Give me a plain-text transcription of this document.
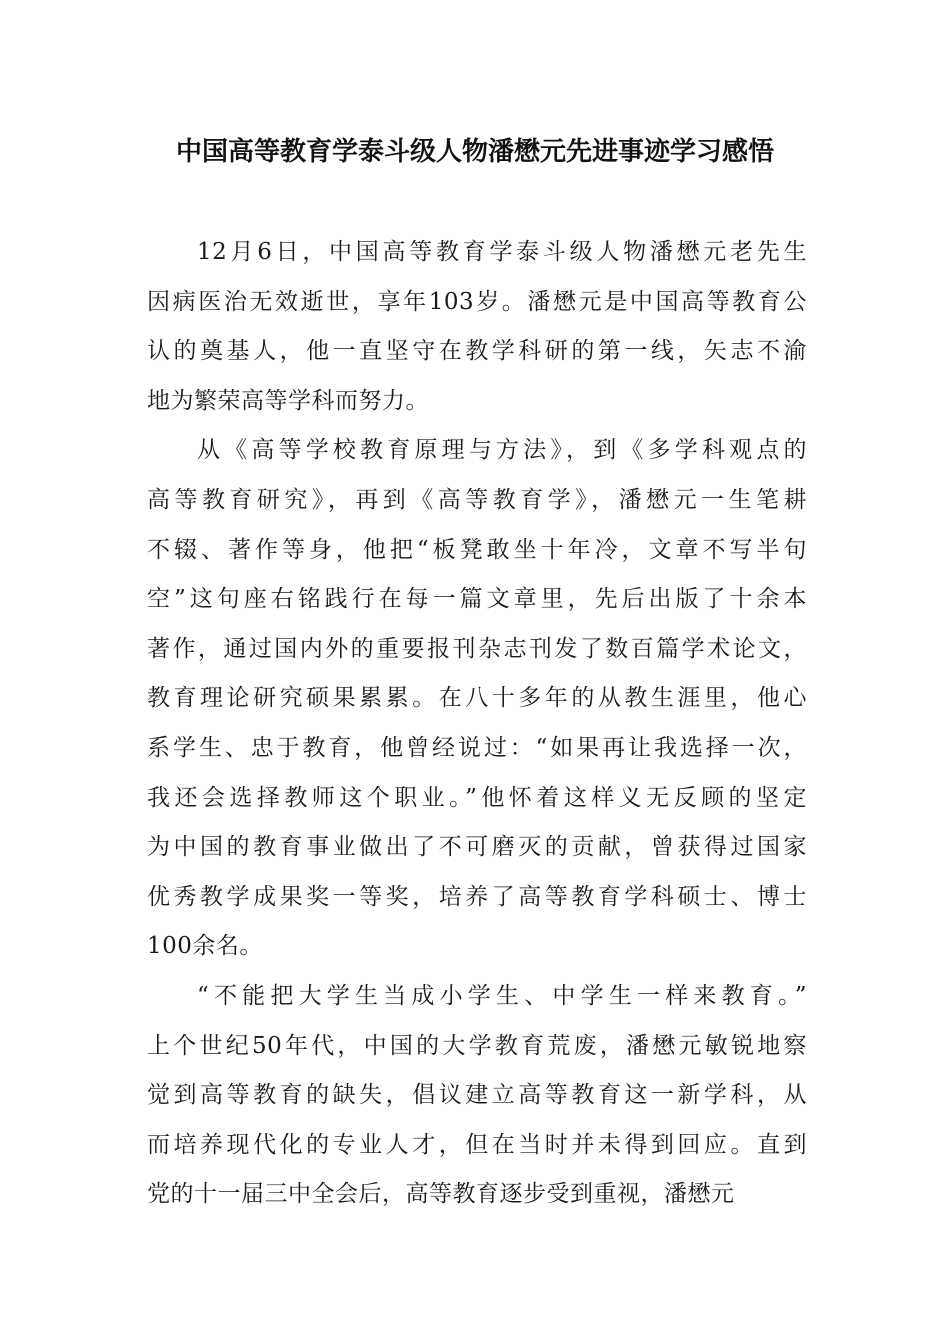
中国高等教育学泰斗级人物潘懋元先进事迹学习感悟
12月6日，中国高等教育学泰斗级人物潘懋元老先生
因病医治无效逝世，享年103岁。潘懋元是中国高等教育公
认的奠基人，他一直坚守在教学科研的第一线，矢志不渝
地为繁荣高等学科而努力。
从《高等学校教育原理与方法》，到《多学科观点的
高等教育研究》，再到《高等教育学》，潘懋元一生笔耕
不辍、著作等身，他把“板凳敢坐十年冷，文章不写半句
空”这句座右铭践行在每一篇文章里，先后出版了十余本
著作，通过国内外的重要报刊杂志刊发了数百篇学术论文，
教育理论研究硕果累累。在八十多年的从教生涯里，他心
系学生、忠于教育，他曾经说过：“如果再让我选择一次，
我还会选择教师这个职业。”他怀着这样义无反顾的坚定
为中国的教育事业做出了不可磨灭的贡献，曾获得过国家
优秀教学成果奖一等奖，培养了高等教育学科硕士、博士
100余名。
“不能把大学生当成小学生、中学生一样来教育。”
上个世纪50年代，中国的大学教育荒废，潘懋元敏锐地察
觉到高等教育的缺失，倡议建立高等教育这一新学科，从
而培养现代化的专业人才，但在当时并未得到回应。直到
党的十一届三中全会后，高等教育逐步受到重视，潘懋元
